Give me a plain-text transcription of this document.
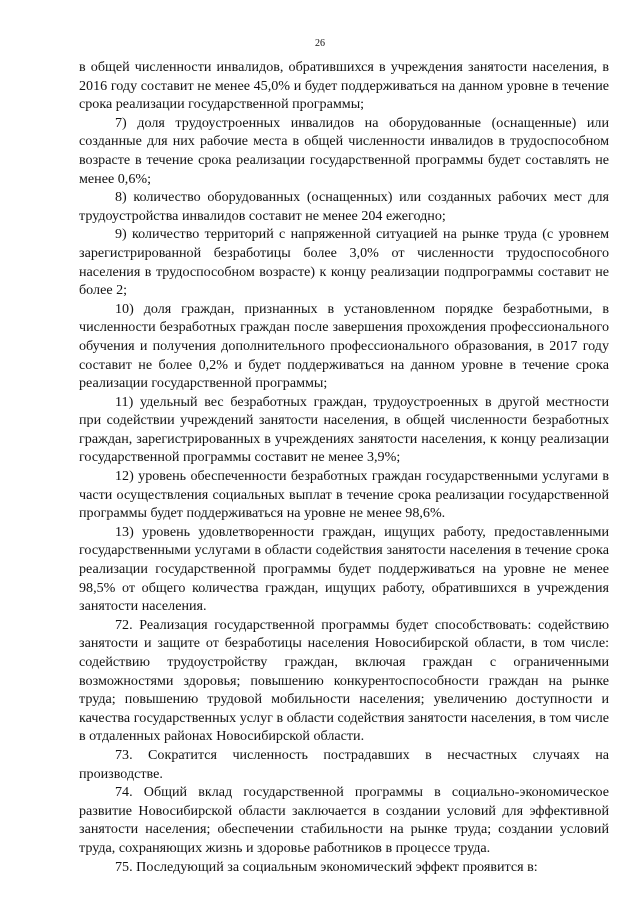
26

в общей численности инвалидов, обратившихся в учреждения занятости населения, в 2016 году составит не менее 45,0% и будет поддерживаться на данном уровне в течение срока реализации государственной программы;

7) доля трудоустроенных инвалидов на оборудованные (оснащенные) или созданные для них рабочие места в общей численности инвалидов в трудоспособном возрасте в течение срока реализации государственной программы будет составлять не менее 0,6%;

8) количество оборудованных (оснащенных) или созданных рабочих мест для трудоустройства инвалидов составит не менее 204 ежегодно;

9) количество территорий с напряженной ситуацией на рынке труда (с уровнем зарегистрированной безработицы более 3,0% от численности трудоспособного населения в трудоспособном возрасте) к концу реализации подпрограммы составит не более 2;

10) доля граждан, признанных в установленном порядке безработными, в численности безработных граждан после завершения прохождения профессионального обучения и получения дополнительного профессионального образования, в 2017 году составит не более 0,2% и будет поддерживаться на данном уровне в течение срока реализации государственной программы;

11) удельный вес безработных граждан, трудоустроенных в другой местности при содействии учреждений занятости населения, в общей численности безработных граждан, зарегистрированных в учреждениях занятости населения, к концу реализации государственной программы составит не менее 3,9%;

12) уровень обеспеченности безработных граждан государственными услугами в части осуществления социальных выплат в течение срока реализации государственной программы будет поддерживаться на уровне не менее 98,6%.

13) уровень удовлетворенности граждан, ищущих работу, предоставленными государственными услугами в области содействия занятости населения в течение срока реализации государственной программы будет поддерживаться на уровне не менее 98,5% от общего количества граждан, ищущих работу, обратившихся в учреждения занятости населения.

72. Реализация государственной программы будет способствовать: содействию занятости и защите от безработицы населения Новосибирской области, в том числе: содействию трудоустройству граждан, включая граждан с ограниченными возможностями здоровья; повышению конкурентоспособности граждан на рынке труда; повышению трудовой мобильности населения; увеличению доступности и качества государственных услуг в области содействия занятости населения, в том числе в отдаленных районах Новосибирской области.

73. Сократится численность пострадавших в несчастных случаях на производстве.

74. Общий вклад государственной программы в социально-экономическое развитие Новосибирской области заключается в создании условий для эффективной занятости населения; обеспечении стабильности на рынке труда; создании условий труда, сохраняющих жизнь и здоровье работников в процессе труда.

75. Последующий за социальным экономический эффект проявится в:
